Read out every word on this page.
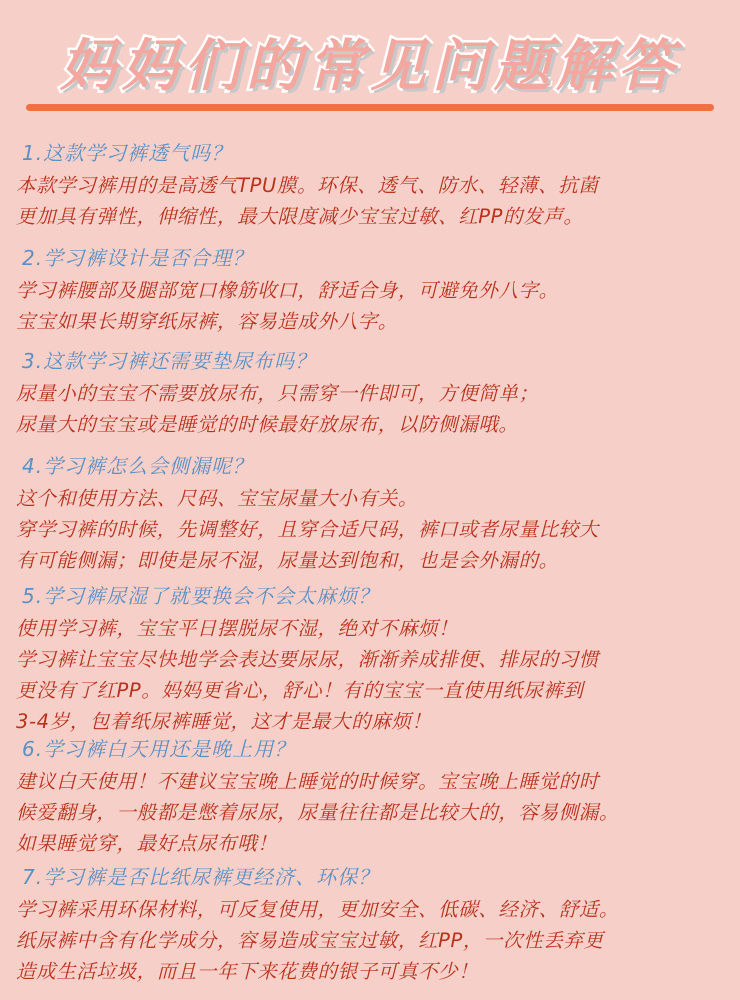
妈妈们的常见问题解答
1.这款学习裤透气吗？
本款学习裤用的是高透气TPU膜。环保、透气、防水、轻薄、抗菌
更加具有弹性，伸缩性，最大限度减少宝宝过敏、红PP的发声。
2.学习裤设计是否合理？
学习裤腰部及腿部宽口橡筋收口，舒适合身，可避免外八字。
宝宝如果长期穿纸尿裤，容易造成外八字。
3.这款学习裤还需要垫尿布吗？
尿量小的宝宝不需要放尿布，只需穿一件即可，方便简单；
尿量大的宝宝或是睡觉的时候最好放尿布，以防侧漏哦。
4.学习裤怎么会侧漏呢？
这个和使用方法、尺码、宝宝尿量大小有关。
穿学习裤的时候，先调整好，且穿合适尺码，裤口或者尿量比较大
有可能侧漏；即使是尿不湿，尿量达到饱和，也是会外漏的。
5.学习裤尿湿了就要换会不会太麻烦？
使用学习裤，宝宝平日摆脱尿不湿，绝对不麻烦！
学习裤让宝宝尽快地学会表达要尿尿，渐渐养成排便、排尿的习惯
更没有了红PP。妈妈更省心，舒心！有的宝宝一直使用纸尿裤到
3-4岁，包着纸尿裤睡觉，这才是最大的麻烦！
6.学习裤白天用还是晚上用？
建议白天使用！不建议宝宝晚上睡觉的时候穿。宝宝晚上睡觉的时
候爱翻身，一般都是憋着尿尿，尿量往往都是比较大的，容易侧漏。
如果睡觉穿，最好点尿布哦！
7.学习裤是否比纸尿裤更经济、环保？
学习裤采用环保材料，可反复使用，更加安全、低碳、经济、舒适。
纸尿裤中含有化学成分，容易造成宝宝过敏，红PP，一次性丢弃更
造成生活垃圾，而且一年下来花费的银子可真不少！
